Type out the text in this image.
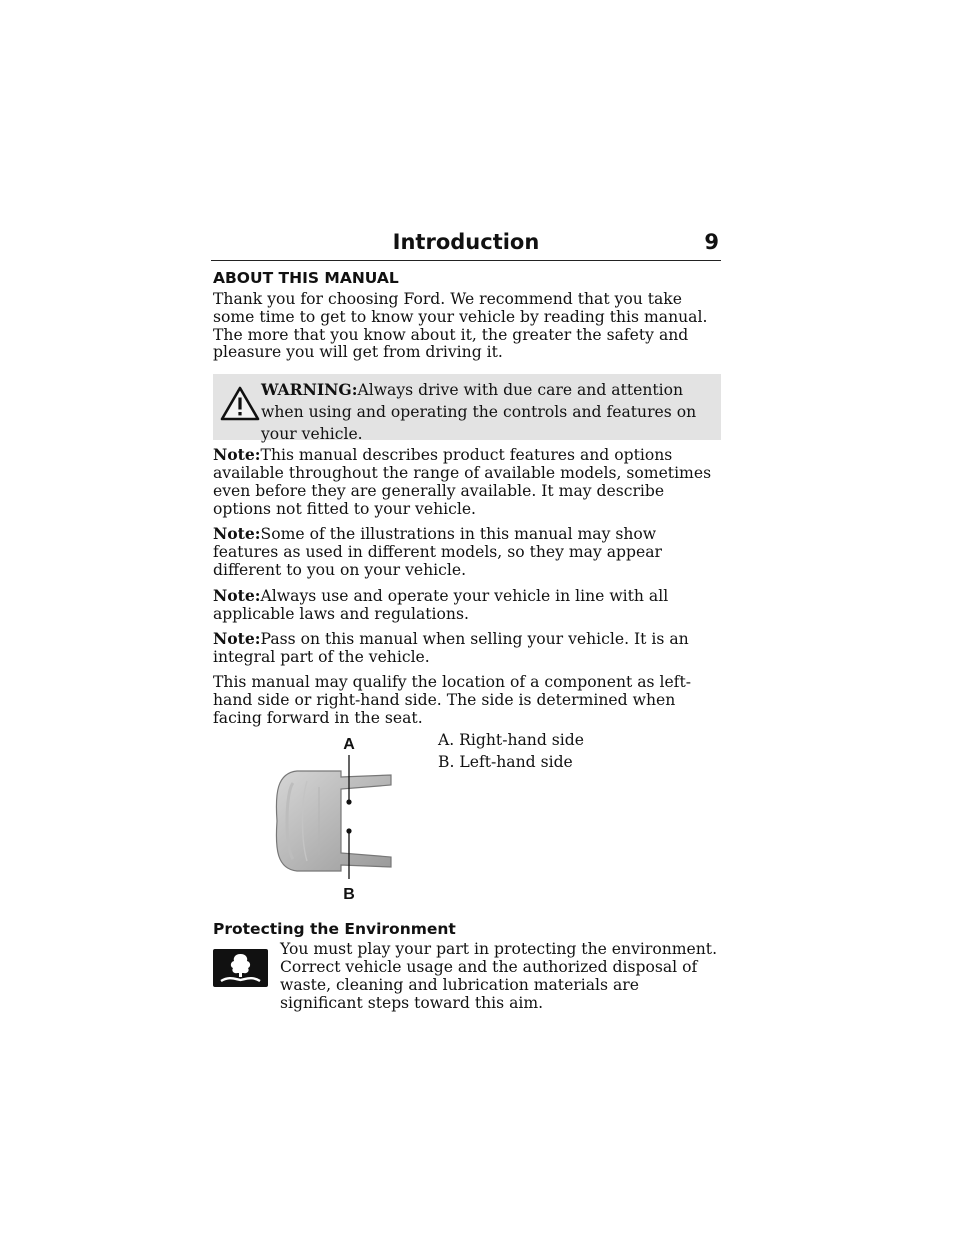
Introduction	9
ABOUT THIS MANUAL

Thank you for choosing Ford. We recommend that you take some time to get to know your vehicle by reading this manual. The more that you know about it, the greater the safety and pleasure you will get from driving it.

WARNING:Always drive with due care and attention when using and operating the controls and features on your vehicle.

Note:This manual describes product features and options available throughout the range of available models, sometimes even before they are generally available. It may describe options not fitted to your vehicle.

Note:Some of the illustrations in this manual may show features as used in different models, so they may appear different to you on your vehicle.

Note:Always use and operate your vehicle in line with all applicable laws and regulations.

Note:Pass on this manual when selling your vehicle. It is an integral part of the vehicle.

This manual may qualify the location of a component as left-hand side or right-hand side. The side is determined when facing forward in the seat.

A
B

A. Right-hand side

B. Left-hand side

Protecting the Environment
You must play your part in protecting the environment. Correct vehicle usage and the authorized disposal of waste, cleaning and lubrication materials are significant steps toward this aim.
